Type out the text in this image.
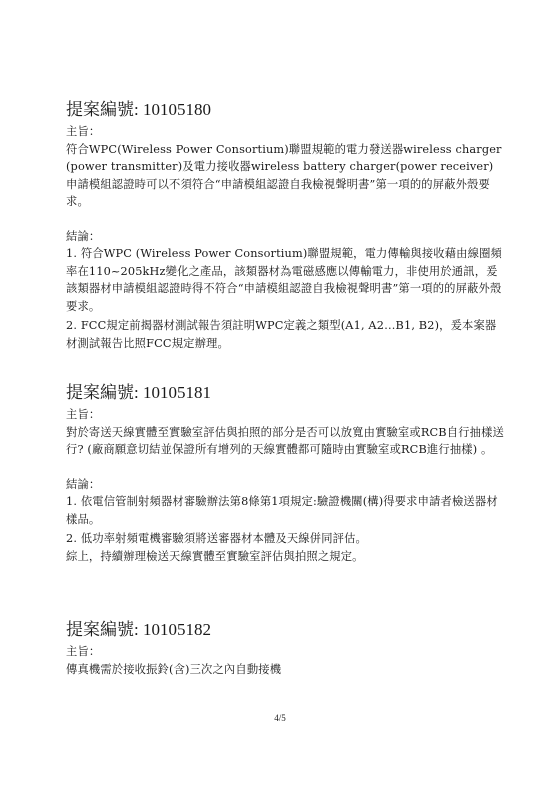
提案編號: 10105180

主旨：

符合WPC(Wireless Power Consortium)聯盟規範的電力發送器wireless charger (power transmitter)及電力接收器wireless battery charger(power receiver) 申請模組認證時可以不須符合“申請模組認證自我檢視聲明書”第一項的的屏蔽外殼要求。

結論：

1. 符合WPC (Wireless Power Consortium)聯盟規範，電力傳輸與接收藉由線圈頻率在110~205kHz變化之產品，該類器材為電磁感應以傳輸電力，非使用於通訊，爰該類器材申請模組認證時得不符合“申請模組認證自我檢視聲明書”第一項的的屏蔽外殼要求。

2. FCC規定前揭器材測試報告須註明WPC定義之類型(A1, A2…B1, B2)，爰本案器材測試報告比照FCC規定辦理。

提案編號: 10105181

主旨：

對於寄送天線實體至實驗室評估與拍照的部分是否可以放寬由實驗室或RCB自行抽樣送行? (廠商願意切結並保證所有增列的天線實體都可隨時由實驗室或RCB進行抽樣) 。

結論：

1. 依電信管制射頻器材審驗辦法第8條第1項規定:驗證機關(構)得要求申請者檢送器材樣品。

2. 低功率射頻電機審驗須將送審器材本體及天線併同評估。

綜上，持續辦理檢送天線實體至實驗室評估與拍照之規定。

提案編號: 10105182

主旨：

傳真機需於接收振鈴(含)三次之內自動接機

4/5
